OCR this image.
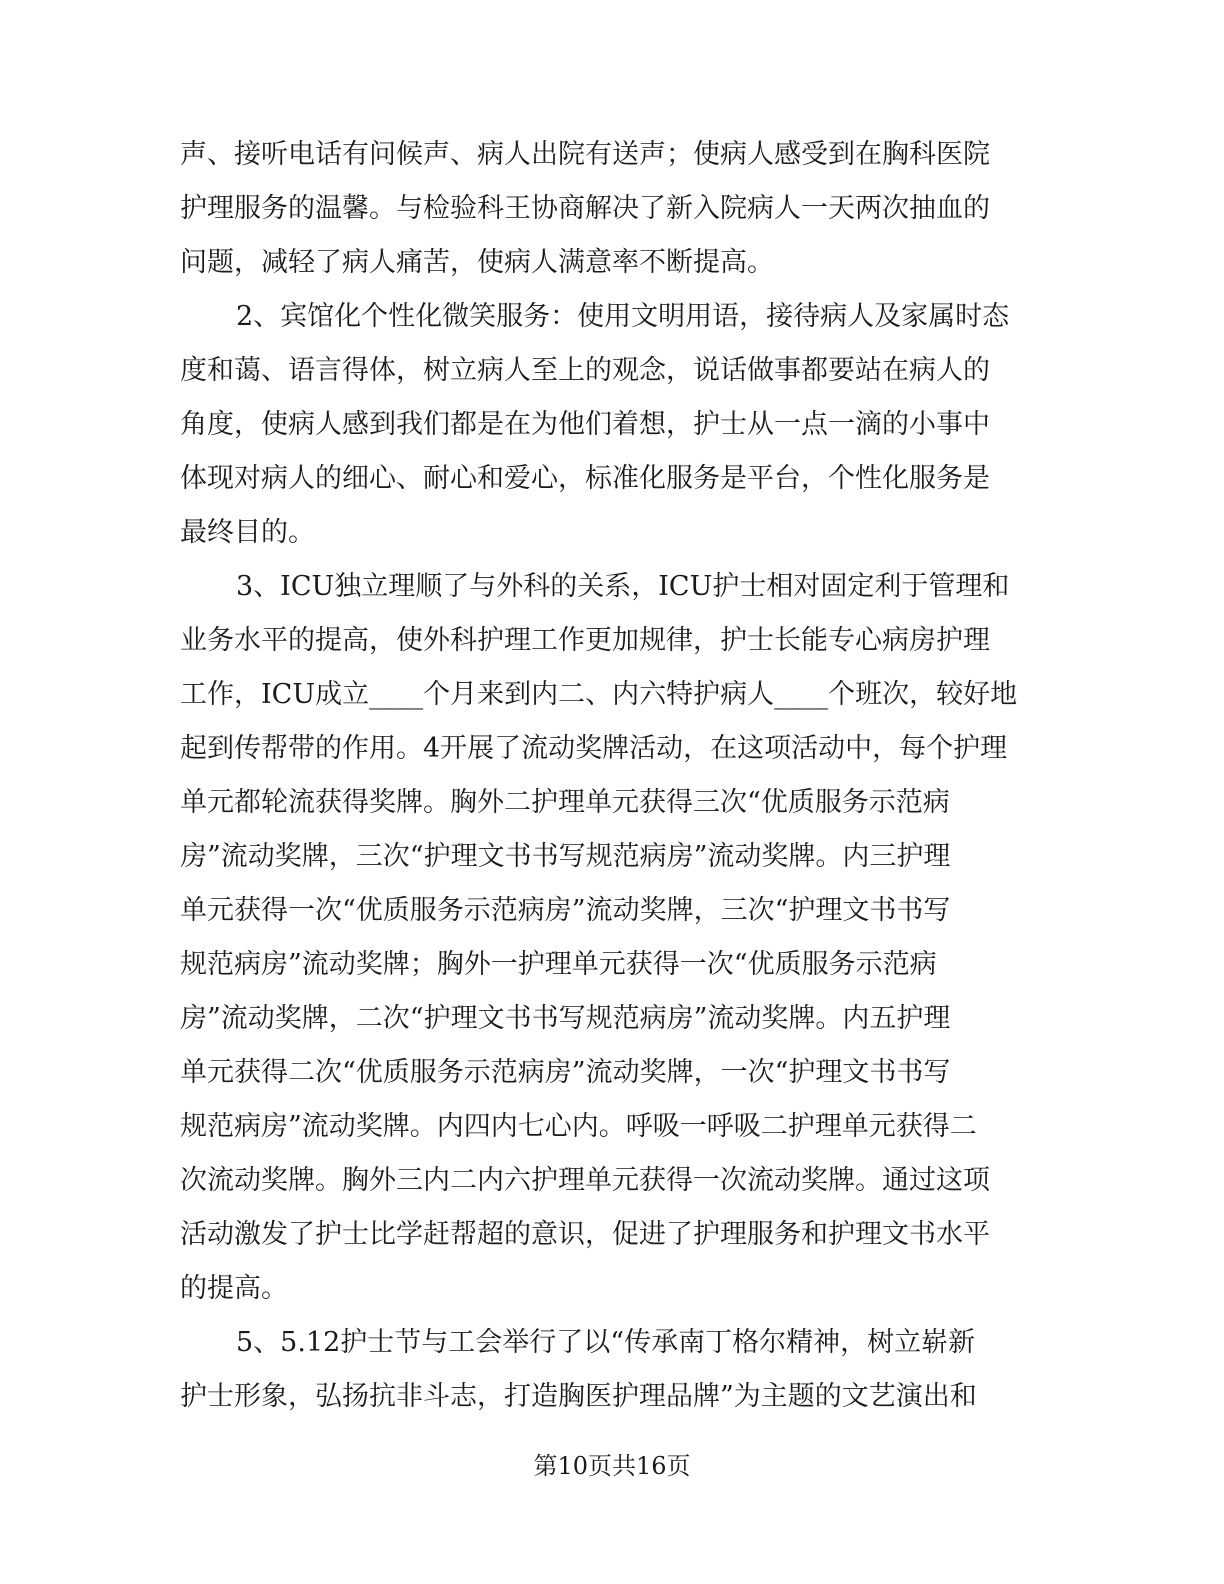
声、接听电话有问候声、病人出院有送声；使病人感受到在胸科医院
护理服务的温馨。与检验科王协商解决了新入院病人一天两次抽血的
问题，减轻了病人痛苦，使病人满意率不断提高。
2、宾馆化个性化微笑服务：使用文明用语，接待病人及家属时态
度和蔼、语言得体，树立病人至上的观念，说话做事都要站在病人的
角度，使病人感到我们都是在为他们着想，护士从一点一滴的小事中
体现对病人的细心、耐心和爱心，标准化服务是平台，个性化服务是
最终目的。
3、ICU独立理顺了与外科的关系，ICU护士相对固定利于管理和
业务水平的提高，使外科护理工作更加规律，护士长能专心病房护理
工作，ICU成立____个月来到内二、内六特护病人____个班次，较好地
起到传帮带的作用。4开展了流动奖牌活动，在这项活动中，每个护理
单元都轮流获得奖牌。胸外二护理单元获得三次“优质服务示范病
房”流动奖牌，三次“护理文书书写规范病房”流动奖牌。内三护理
单元获得一次“优质服务示范病房”流动奖牌，三次“护理文书书写
规范病房”流动奖牌；胸外一护理单元获得一次“优质服务示范病
房”流动奖牌，二次“护理文书书写规范病房”流动奖牌。内五护理
单元获得二次“优质服务示范病房”流动奖牌，一次“护理文书书写
规范病房”流动奖牌。内四内七心内。呼吸一呼吸二护理单元获得二
次流动奖牌。胸外三内二内六护理单元获得一次流动奖牌。通过这项
活动激发了护士比学赶帮超的意识，促进了护理服务和护理文书水平
的提高。
5、5.12护士节与工会举行了以“传承南丁格尔精神，树立崭新
护士形象，弘扬抗非斗志，打造胸医护理品牌”为主题的文艺演出和
第10页共16页
